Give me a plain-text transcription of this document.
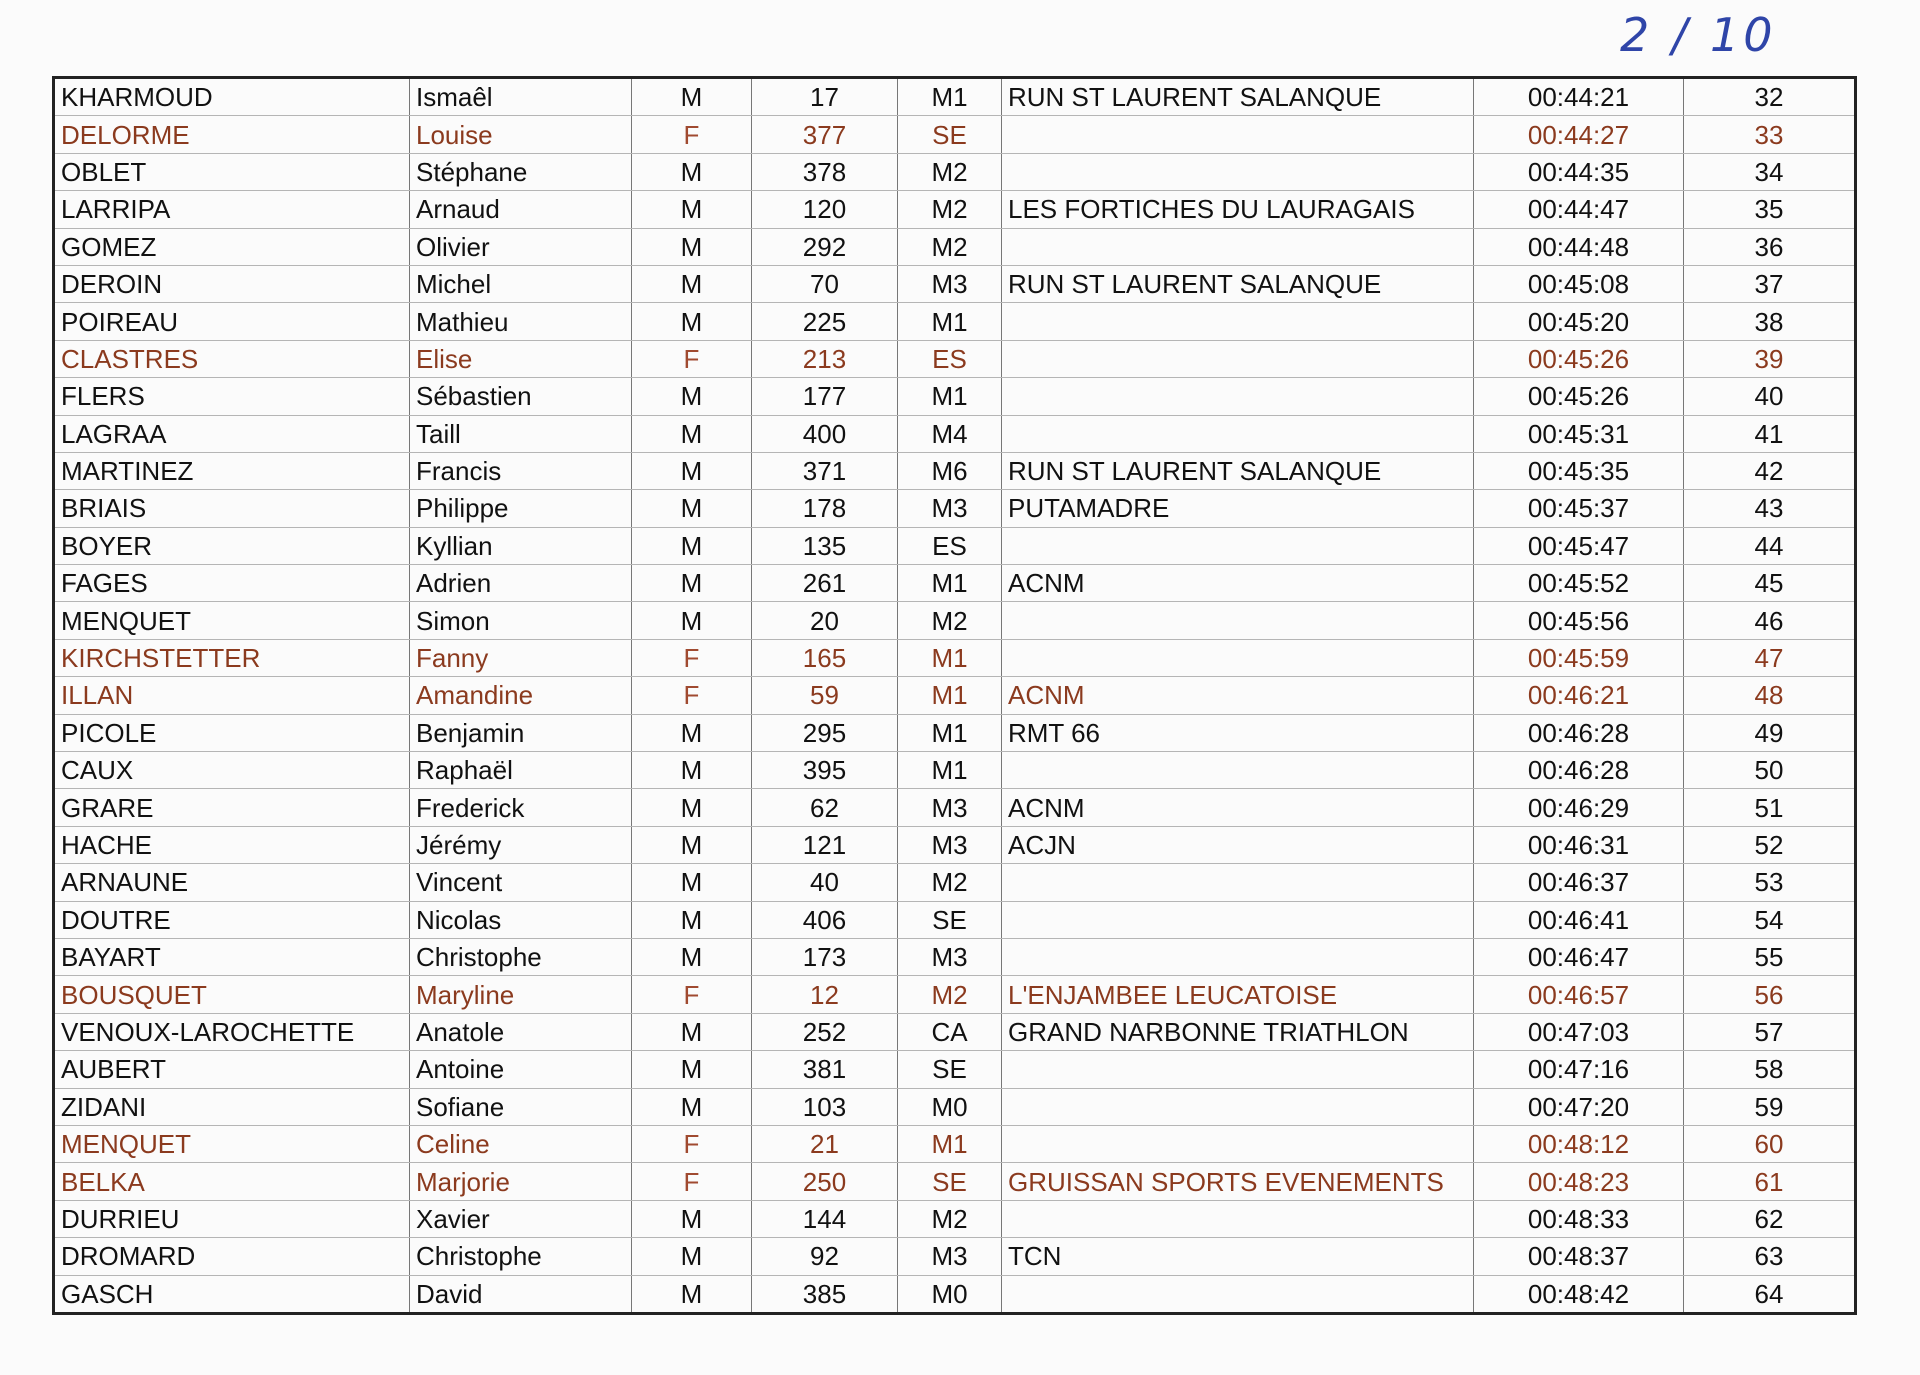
2 / 10
KHARMOUD	Ismaêl	M	17	M1	RUN ST LAURENT SALANQUE	00:44:21	32
DELORME	Louise	F	377	SE		00:44:27	33
OBLET	Stéphane	M	378	M2		00:44:35	34
LARRIPA	Arnaud	M	120	M2	LES FORTICHES DU LAURAGAIS	00:44:47	35
GOMEZ	Olivier	M	292	M2		00:44:48	36
DEROIN	Michel	M	70	M3	RUN ST LAURENT SALANQUE	00:45:08	37
POIREAU	Mathieu	M	225	M1		00:45:20	38
CLASTRES	Elise	F	213	ES		00:45:26	39
FLERS	Sébastien	M	177	M1		00:45:26	40
LAGRAA	Taill	M	400	M4		00:45:31	41
MARTINEZ	Francis	M	371	M6	RUN ST LAURENT SALANQUE	00:45:35	42
BRIAIS	Philippe	M	178	M3	PUTAMADRE	00:45:37	43
BOYER	Kyllian	M	135	ES		00:45:47	44
FAGES	Adrien	M	261	M1	ACNM	00:45:52	45
MENQUET	Simon	M	20	M2		00:45:56	46
KIRCHSTETTER	Fanny	F	165	M1		00:45:59	47
ILLAN	Amandine	F	59	M1	ACNM	00:46:21	48
PICOLE	Benjamin	M	295	M1	RMT 66	00:46:28	49
CAUX	Raphaël	M	395	M1		00:46:28	50
GRARE	Frederick	M	62	M3	ACNM	00:46:29	51
HACHE	Jérémy	M	121	M3	ACJN	00:46:31	52
ARNAUNE	Vincent	M	40	M2		00:46:37	53
DOUTRE	Nicolas	M	406	SE		00:46:41	54
BAYART	Christophe	M	173	M3		00:46:47	55
BOUSQUET	Maryline	F	12	M2	L'ENJAMBEE LEUCATOISE	00:46:57	56
VENOUX-LAROCHETTE	Anatole	M	252	CA	GRAND NARBONNE TRIATHLON	00:47:03	57
AUBERT	Antoine	M	381	SE		00:47:16	58
ZIDANI	Sofiane	M	103	M0		00:47:20	59
MENQUET	Celine	F	21	M1		00:48:12	60
BELKA	Marjorie	F	250	SE	GRUISSAN SPORTS EVENEMENTS	00:48:23	61
DURRIEU	Xavier	M	144	M2		00:48:33	62
DROMARD	Christophe	M	92	M3	TCN	00:48:37	63
GASCH	David	M	385	M0		00:48:42	64
